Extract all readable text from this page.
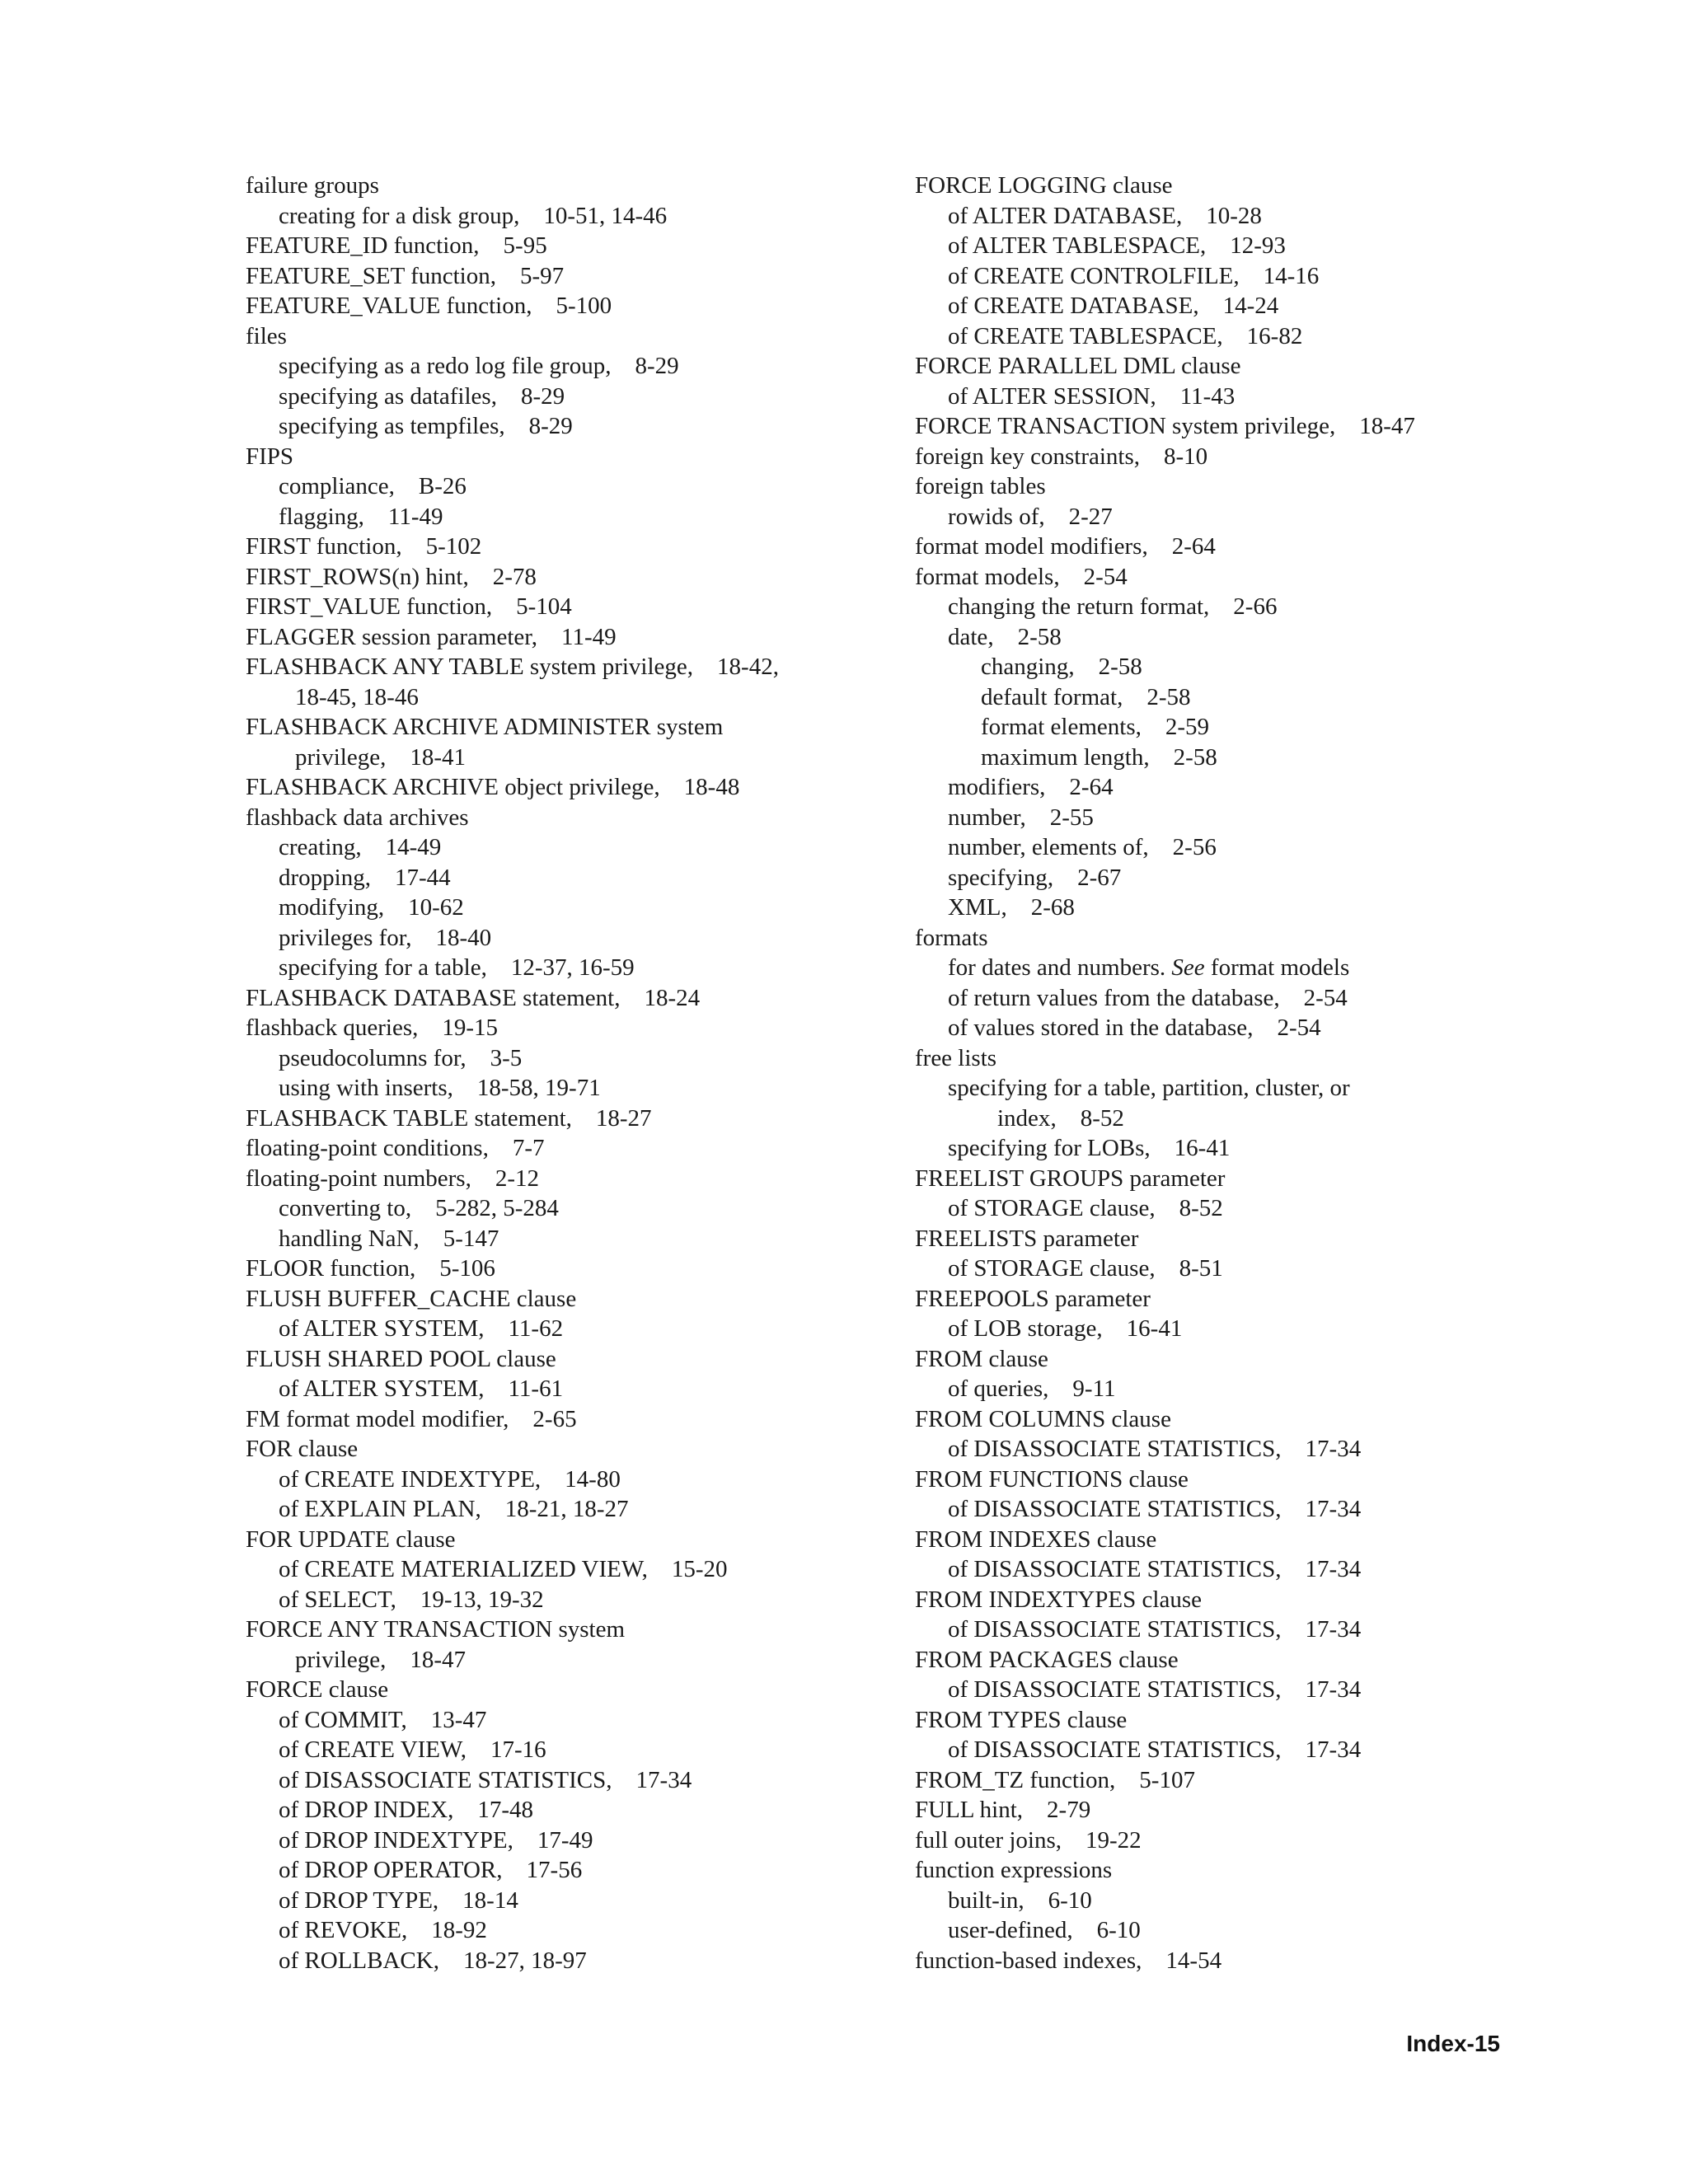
failure groups
creating for a disk group ,    10-51, 14-46
FEATURE_ID function ,    5-95
FEATURE_SET function ,    5-97
FEATURE_VALUE function ,    5-100
files
specifying as a redo log file group ,    8-29
specifying as datafiles ,    8-29
specifying as tempfiles ,    8-29
FIPS
compliance ,    B-26
flagging ,    11-49
FIRST function ,    5-102
FIRST_ROWS(n) hint ,    2-78
FIRST_VALUE function ,    5-104
FLAGGER session parameter ,    11-49
FLASHBACK ANY TABLE system privilege ,    18-42,
18-45, 18-46
FLASHBACK ARCHIVE ADMINISTER system
privilege ,    18-41
FLASHBACK ARCHIVE object privilege ,    18-48
flashback data archives
creating ,    14-49
dropping ,    17-44
modifying ,    10-62
privileges for ,    18-40
specifying for a table ,    12-37, 16-59
FLASHBACK DATABASE statement ,    18-24
flashback queries ,    19-15
pseudocolumns for ,    3-5
using with inserts ,    18-58, 19-71
FLASHBACK TABLE statement ,    18-27
floating-point conditions ,    7-7
floating-point numbers ,    2-12
converting to ,    5-282, 5-284
handling NaN ,    5-147
FLOOR function ,    5-106
FLUSH BUFFER_CACHE clause
of ALTER SYSTEM ,    11-62
FLUSH SHARED POOL clause
of ALTER SYSTEM ,    11-61
FM format model modifier ,    2-65
FOR clause
of CREATE INDEXTYPE ,    14-80
of EXPLAIN PLAN ,    18-21, 18-27
FOR UPDATE clause
of CREATE MATERIALIZED VIEW ,    15-20
of SELECT ,    19-13, 19-32
FORCE ANY TRANSACTION system
privilege ,    18-47
FORCE clause
of COMMIT ,    13-47
of CREATE VIEW ,    17-16
of DISASSOCIATE STATISTICS ,    17-34
of DROP INDEX ,    17-48
of DROP INDEXTYPE ,    17-49
of DROP OPERATOR ,    17-56
of DROP TYPE ,    18-14
of REVOKE ,    18-92
of ROLLBACK ,    18-27, 18-97
FORCE LOGGING clause
of ALTER DATABASE ,    10-28
of ALTER TABLESPACE ,    12-93
of CREATE CONTROLFILE ,    14-16
of CREATE DATABASE ,    14-24
of CREATE TABLESPACE ,    16-82
FORCE PARALLEL DML clause
of ALTER SESSION ,    11-43
FORCE TRANSACTION system privilege ,    18-47
foreign key constraints ,    8-10
foreign tables
rowids of ,    2-27
format model modifiers ,    2-64
format models ,    2-54
changing the return format ,    2-66
date ,    2-58
changing ,    2-58
default format ,    2-58
format elements ,    2-59
maximum length ,    2-58
modifiers ,    2-64
number ,    2-55
number, elements of ,    2-56
specifying ,    2-67
XML ,    2-68
formats
for dates and numbers. See format models
of return values from the database ,    2-54
of values stored in the database ,    2-54
free lists
specifying for a table, partition, cluster, or
index ,    8-52
specifying for LOBs ,    16-41
FREELIST GROUPS parameter
of STORAGE clause ,    8-52
FREELISTS parameter
of STORAGE clause ,    8-51
FREEPOOLS parameter
of LOB storage ,    16-41
FROM clause
of queries ,    9-11
FROM COLUMNS clause
of DISASSOCIATE STATISTICS ,    17-34
FROM FUNCTIONS clause
of DISASSOCIATE STATISTICS ,    17-34
FROM INDEXES clause
of DISASSOCIATE STATISTICS ,    17-34
FROM INDEXTYPES clause
of DISASSOCIATE STATISTICS ,    17-34
FROM PACKAGES clause
of DISASSOCIATE STATISTICS ,    17-34
FROM TYPES clause
of DISASSOCIATE STATISTICS ,    17-34
FROM_TZ function ,    5-107
FULL hint ,    2-79
full outer joins ,    19-22
function expressions
built-in ,    6-10
user-defined ,    6-10
function-based indexes ,    14-54
Index-15
